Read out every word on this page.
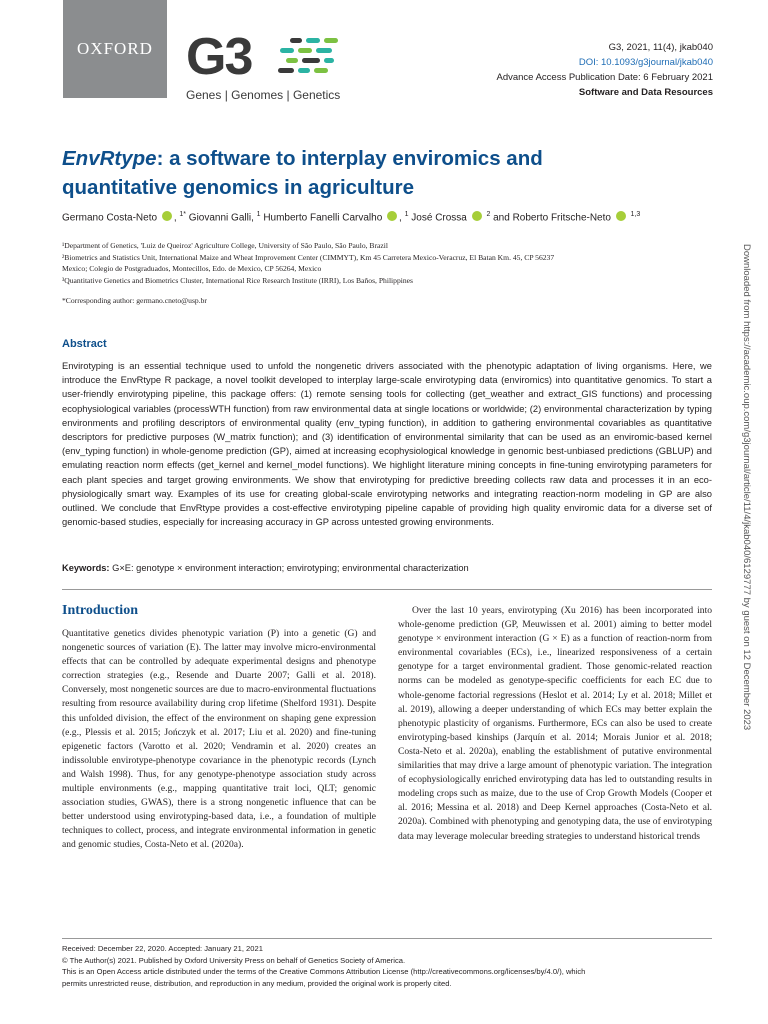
OXFORD G3
Genes | Genomes | Genetics
G3, 2021, 11(4), jkab040
DOI: 10.1093/g3journal/jkab040
Advance Access Publication Date: 6 February 2021
Software and Data Resources
EnvRtype: a software to interplay enviromics and quantitative genomics in agriculture
Germano Costa-Neto , $^{1*}$ Giovanni Galli, $^1$ Humberto Fanelli Carvalho , $^1$ José Crossa	$^2$ and Roberto Fritsche-Neto	$^{1,3}$

¹Department of Genetics, 'Luiz de Queiroz' Agriculture College, University of São Paulo, São Paulo, Brazil

²Biometrics and Statistics Unit, International Maize and Wheat Improvement Center (CIMMYT), Km 45 Carretera Mexico-Veracruz, El Batan Km. 45, CP 56237

Mexico; Colegio de Postgraduados, Montecillos, Edo. de Mexico, CP 56264, Mexico

³Quantitative Genetics and Biometrics Cluster, International Rice Research Institute (IRRI), Los Baños, Philippines

*Corresponding author: germano.cneto@usp.br
Abstract

Envirotyping is an essential technique used to unfold the nongenetic drivers associated with the phenotypic adaptation of living organisms. Here, we introduce the EnvRtype R package, a novel toolkit developed to interplay large-scale envirotyping data (enviromics) into quantitative genomics. To start a user-friendly envirotyping pipeline, this package offers: (1) remote sensing tools for collecting (get_weather and extract_GIS functions) and processing ecophysiological variables (processWTH function) from raw environmental data at single locations or worldwide; (2) environmental characterization by typing environments and profiling descriptors of environmental quality (env_typing function), in addition to gathering environmental covariables as quantitative descriptors for predictive purposes (W_matrix function); and (3) identification of environmental similarity that can be used as an enviromic-based kernel (env_typing function) in whole-genome prediction (GP), aimed at increasing ecophysiological knowledge in genomic best-unbiased predictions (GBLUP) and emulating reaction norm effects (get_kernel and kernel_model functions). We highlight literature mining concepts in fine-tuning envirotyping parameters for each plant species and target growing environments. We show that envirotyping for predictive breeding collects raw data and processes it in an eco-physiologically smart way. Examples of its use for creating global-scale envirotyping networks and integrating reaction-norm modeling in GP are also outlined. We conclude that EnvRtype provides a cost-effective envirotyping pipeline capable of providing high quality enviromic data for a diverse set of genomic-based studies, especially for increasing accuracy in GP across untested growing environments.

Keywords: G×E: genotype × environment interaction; envirotyping; environmental characterization
Introduction

Quantitative genetics divides phenotypic variation (P) into a genetic (G) and nongenetic sources of variation (E). The latter may involve micro-environmental effects that can be controlled by adequate experimental designs and phenotype correction strategies (e.g., Resende and Duarte 2007; Galli et al. 2018). Conversely, most nongenetic sources are due to macro-environmental fluctuations resulting from resource availability during crop lifetime (Shelford 1931). Despite this unfolded division, the effect of the environment on shaping gene expression (e.g., Plessis et al. 2015; Jończyk et al. 2017; Liu et al. 2020) and fine-tuning epigenetic factors (Varotto et al. 2020; Vendramin et al. 2020) creates an indissoluble envirotype-phenotype covariance in the phenotypic records (Lynch and Walsh 1998). Thus, for any genotype-phenotype association study across multiple environments (e.g., mapping quantitative trait loci, QLT; genomic association studies, GWAS), there is a strong nongenetic influence that can be better understood using envirotyping-based data, i.e., a foundation of multiple techniques to collect, process, and integrate environmental information in genetic and genomic studies, Costa-Neto et al. (2020a).

Over the last 10 years, envirotyping (Xu 2016) has been incorporated into whole-genome prediction (GP, Meuwissen et al. 2001) aiming to better model genotype × environment interaction (G × E) as a function of reaction-norm from environmental covariables (ECs), i.e., linearized responsiveness of a certain genotype for a target environmental gradient. Those genomic-related reaction norms can be modeled as genotype-specific coefficients for each EC due to whole-genome factorial regressions (Heslot et al. 2014; Ly et al. 2018; Millet et al. 2019), allowing a deeper understanding of which ECs may better explain the phenotypic plasticity of organisms. Furthermore, ECs can also be used to create envirotyping-based kinships (Jarquín et al. 2014; Morais Junior et al. 2018; Costa-Neto et al. 2020a), enabling the establishment of putative environmental similarities that may drive a large amount of phenotypic variation. The integration of ecophysiologically enriched envirotyping data has led to outstanding results in modeling crops such as maize, due to the use of Crop Growth Models (Cooper et al. 2016; Messina et al. 2018) and Deep Kernel approaches (Costa-Neto et al. 2020a). Combined with phenotyping and genotyping data, the use of envirotyping data may leverage molecular breeding strategies to understand historical trends

Received: December 22, 2020. Accepted: January 21, 2021

© The Author(s) 2021. Published by Oxford University Press on behalf of Genetics Society of America.

This is an Open Access article distributed under the terms of the Creative Commons Attribution License (http://creativecommons.org/licenses/by/4.0/), which

permits unrestricted reuse, distribution, and reproduction in any medium, provided the original work is properly cited.

Downloaded from https://academic.oup.com/g3journal/article/11/4/jkab040/6129777 by guest on 12 December 2023
